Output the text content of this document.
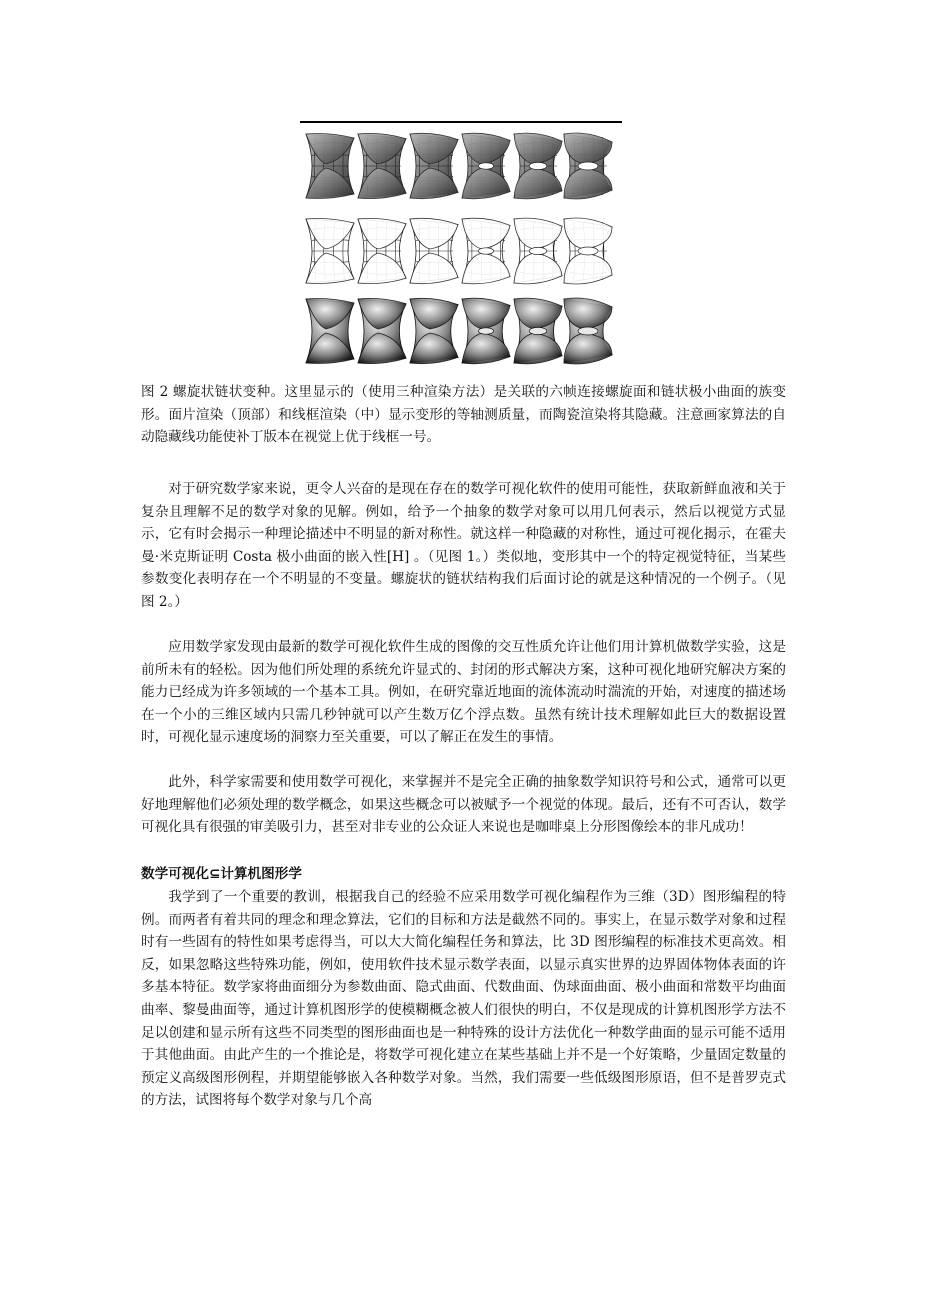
图 2 螺旋状链状变种。这里显示的（使用三种渲染方法）是关联的六帧连接螺旋面和链状极小曲面的族变形。面片渲染（顶部）和线框渲染（中）显示变形的等轴测质量，而陶瓷渲染将其隐藏。注意画家算法的自动隐藏线功能使补丁版本在视觉上优于线框一号。

对于研究数学家来说，更令人兴奋的是现在存在的数学可视化软件的使用可能性，获取新鲜血液和关于复杂且理解不足的数学对象的见解。例如，给予一个抽象的数学对象可以用几何表示，然后以视觉方式显示，它有时会揭示一种理论描述中不明显的新对称性。就这样一种隐藏的对称性，通过可视化揭示，在霍夫曼·米克斯证明 Costa 极小曲面的嵌入性[H] 。（见图 1。）类似地，变形其中一个的特定视觉特征，当某些参数变化表明存在一个不明显的不变量。螺旋状的链状结构我们后面讨论的就是这种情况的一个例子。（见图 2。）

应用数学家发现由最新的数学可视化软件生成的图像的交互性质允许让他们用计算机做数学实验，这是前所未有的轻松。因为他们所处理的系统允许显式的、封闭的形式解决方案，这种可视化地研究解决方案的能力已经成为许多领域的一个基本工具。例如，在研究靠近地面的流体流动时湍流的开始，对速度的描述场在一个小的三维区域内只需几秒钟就可以产生数万亿个浮点数。虽然有统计技术理解如此巨大的数据设置时，可视化显示速度场的洞察力至关重要，可以了解正在发生的事情。

此外，科学家需要和使用数学可视化，来掌握并不是完全正确的抽象数学知识符号和公式，通常可以更好地理解他们必须处理的数学概念，如果这些概念可以被赋予一个视觉的体现。最后，还有不可否认，数学可视化具有很强的审美吸引力，甚至对非专业的公众证人来说也是咖啡桌上分形图像绘本的非凡成功！

数学可视化⊆计算机图形学

我学到了一个重要的教训，根据我自己的经验不应采用数学可视化编程作为三维（3D）图形编程的特例。而两者有着共同的理念和理念算法，它们的目标和方法是截然不同的。事实上，在显示数学对象和过程时有一些固有的特性如果考虑得当，可以大大简化编程任务和算法，比 3D 图形编程的标准技术更高效。相反，如果忽略这些特殊功能，例如，使用软件技术显示数学表面，以显示真实世界的边界固体物体表面的许多基本特征。数学家将曲面细分为参数曲面、隐式曲面、代数曲面、伪球面曲面、极小曲面和常数平均曲面曲率、黎曼曲面等，通过计算机图形学的使模糊概念被人们很快的明白，不仅是现成的计算机图形学方法不足以创建和显示所有这些不同类型的图形曲面也是一种特殊的设计方法优化一种数学曲面的显示可能不适用于其他曲面。由此产生的一个推论是，将数学可视化建立在某些基础上并不是一个好策略，少量固定数量的预定义高级图形例程，并期望能够嵌入各种数学对象。当然，我们需要一些低级图形原语，但不是普罗克式的方法，试图将每个数学对象与几个高
